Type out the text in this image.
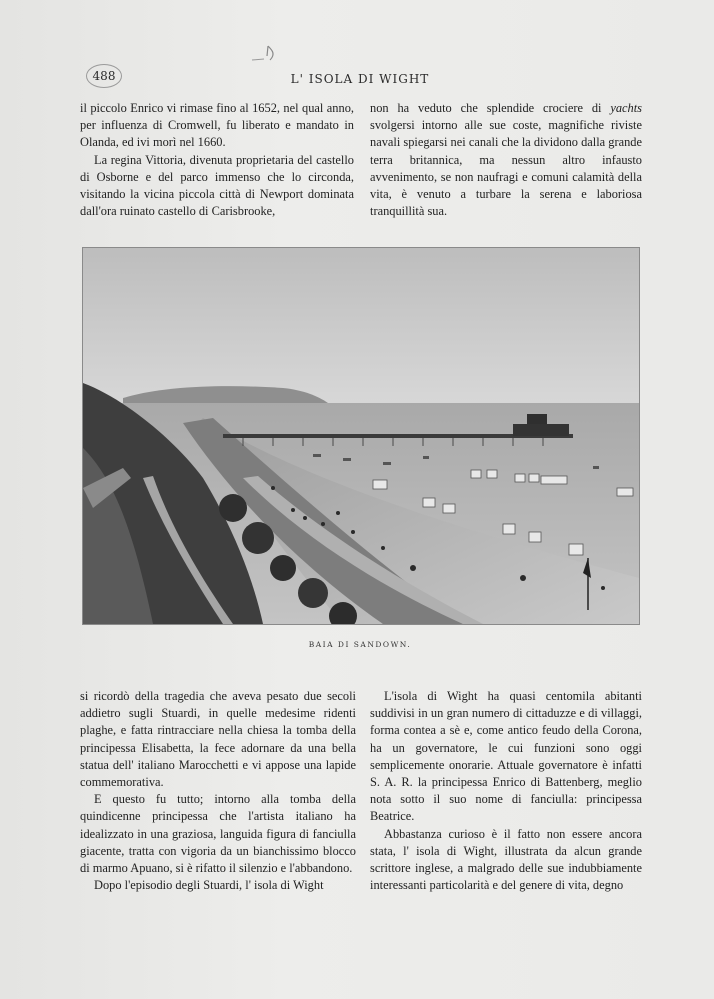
488	L' ISOLA DI WIGHT

il piccolo Enrico vi rimase fino al 1652, nel qual anno, per influenza di Cromwell, fu liberato e mandato in Olanda, ed ivi morì nel 1660.

La regina Vittoria, divenuta proprietaria del castello di Osborne e del parco immenso che lo circonda, visitando la vicina piccola città di Newport dominata dall'ora ruinato castello di Carisbrooke,

non ha veduto che splendide crociere di yachts svolgersi intorno alle sue coste, magnifiche riviste navali spiegarsi nei canali che la dividono dalla grande terra britannica, ma nessun altro infausto avvenimento, se non naufragi e comuni calamità della vita, è venuto a turbare la serena e laboriosa tranquillità sua.

BAIA DI SANDOWN.

si ricordò della tragedia che aveva pesato due secoli addietro sugli Stuardi, in quelle medesime ridenti plaghe, e fatta rintracciare nella chiesa la tomba della principessa Elisabetta, la fece adornare da una bella statua dell' italiano Marocchetti e vi appose una lapide commemorativa.

E questo fu tutto; intorno alla tomba della quindicenne principessa che l'artista italiano ha idealizzato in una graziosa, languida figura di fanciulla giacente, tratta con vigoria da un bianchissimo blocco di marmo Apuano, si è rifatto il silenzio e l'abbandono.

Dopo l'episodio degli Stuardi, l' isola di Wight

L'isola di Wight ha quasi centomila abitanti suddivisi in un gran numero di cittaduzze e di villaggi, forma contea a sè e, come antico feudo della Corona, ha un governatore, le cui funzioni sono oggi semplicemente onorarie. Attuale governatore è infatti S. A. R. la principessa Enrico di Battenberg, meglio nota sotto il suo nome di fanciulla: principessa Beatrice.

Abbastanza curioso è il fatto non essere ancora stata, l' isola di Wight, illustrata da alcun grande scrittore inglese, a malgrado delle sue indubbiamente interessanti particolarità e del genere di vita, degno
